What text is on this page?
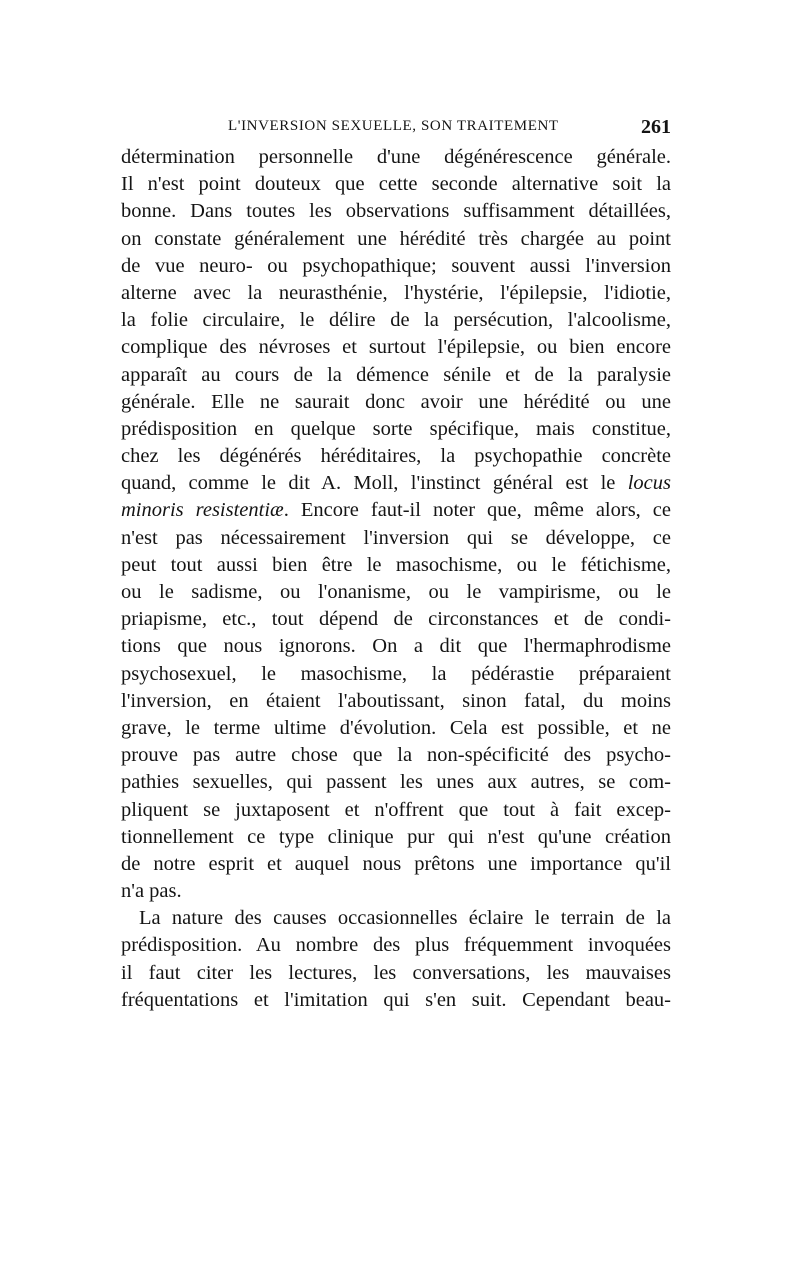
L'INVERSION SEXUELLE, SON TRAITEMENT	261
détermination personnelle d'une dégénérescence générale.
Il n'est point douteux que cette seconde alternative soit la
bonne. Dans toutes les observations suffisamment détaillées,
on constate généralement une hérédité très chargée au point
de vue neuro- ou psychopathique; souvent aussi l'inversion
alterne avec la neurasthénie, l'hystérie, l'épilepsie, l'idiotie,
la folie circulaire, le délire de la persécution, l'alcoolisme,
complique des névroses et surtout l'épilepsie, ou bien encore
apparaît au cours de la démence sénile et de la paralysie
générale. Elle ne saurait donc avoir une hérédité ou une
prédisposition en quelque sorte spécifique, mais constitue,
chez les dégénérés héréditaires, la psychopathie concrète
quand, comme le dit A. Moll, l'instinct général est le locus
minoris resistentiæ. Encore faut-il noter que, même alors, ce
n'est pas nécessairement l'inversion qui se développe, ce
peut tout aussi bien être le masochisme, ou le fétichisme,
ou le sadisme, ou l'onanisme, ou le vampirisme, ou le
priapisme, etc., tout dépend de circonstances et de condi-
tions que nous ignorons. On a dit que l'hermaphrodisme
psychosexuel, le masochisme, la pédérastie préparaient
l'inversion, en étaient l'aboutissant, sinon fatal, du moins
grave, le terme ultime d'évolution. Cela est possible, et ne
prouve pas autre chose que la non-spécificité des psycho-
pathies sexuelles, qui passent les unes aux autres, se com-
pliquent se juxtaposent et n'offrent que tout à fait excep-
tionnellement ce type clinique pur qui n'est qu'une création
de notre esprit et auquel nous prêtons une importance qu'il
n'a pas.
La nature des causes occasionnelles éclaire le terrain de la
prédisposition. Au nombre des plus fréquemment invoquées
il faut citer les lectures, les conversations, les mauvaises
fréquentations et l'imitation qui s'en suit. Cependant beau-
